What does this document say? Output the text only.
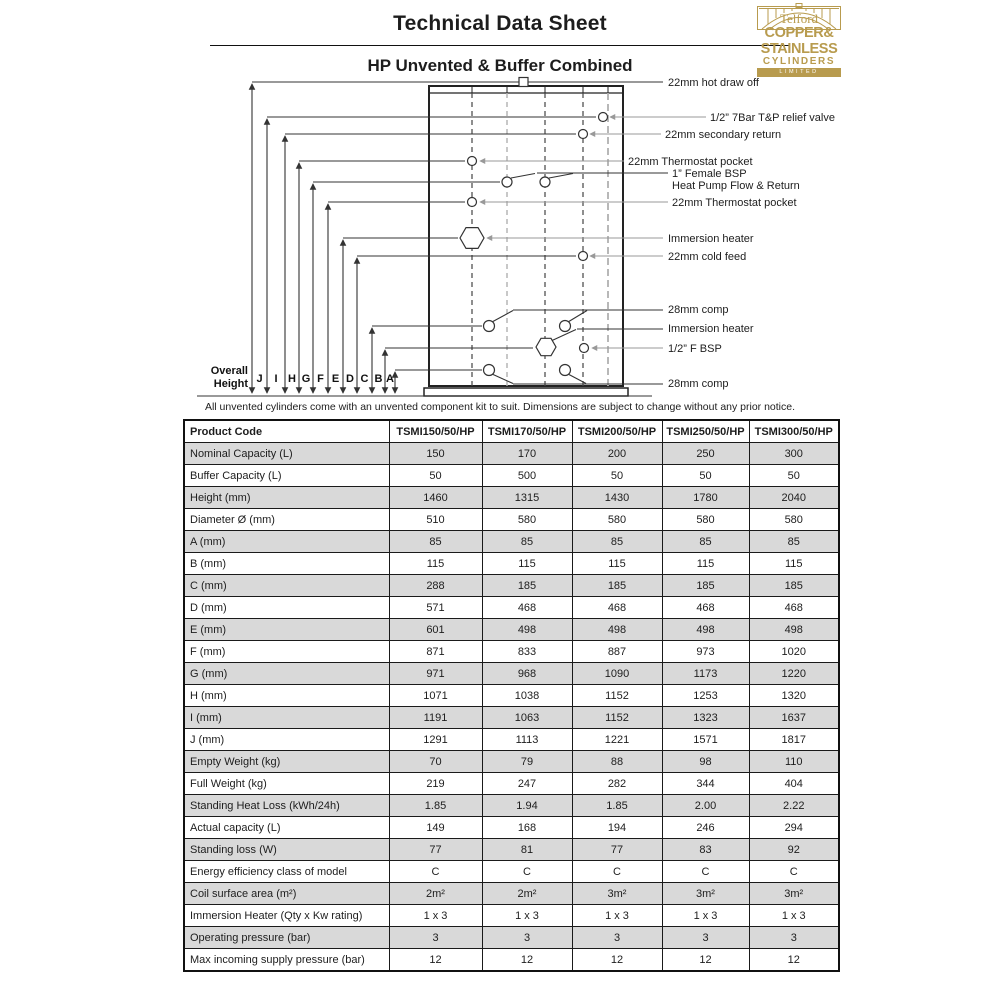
Technical Data Sheet
HP Unvented & Buffer Combined
Telford
COPPER&
STAINLESS
CYLINDERS
LIMITED
22mm hot draw off
1/2” 7Bar T&P relief valve
22mm secondary return
22mm Thermostat pocket
1” Female BSP
Heat Pump Flow & Return
22mm Thermostat pocket
Immersion heater
22mm cold feed
28mm comp
Immersion heater
1/2” F BSP
28mm comp
J I H G F E D C B A
Overall
Height
All unvented cylinders come with an unvented component kit to suit. Dimensions are subject to change without any prior notice.
Product Code	TSMI150/50/HP	TSMI170/50/HP	TSMI200/50/HP	TSMI250/50/HP	TSMI300/50/HP
Nominal Capacity (L)	150	170	200	250	300
Buffer Capacity (L)	50	500	50	50	50
Height (mm)	1460	1315	1430	1780	2040
Diameter Ø (mm)	510	580	580	580	580
A (mm)	85	85	85	85	85
B (mm)	115	115	115	115	115
C (mm)	288	185	185	185	185
D (mm)	571	468	468	468	468
E (mm)	601	498	498	498	498
F (mm)	871	833	887	973	1020
G (mm)	971	968	1090	1173	1220
H (mm)	1071	1038	1152	1253	1320
I (mm)	1191	1063	1152	1323	1637
J (mm)	1291	1113	1221	1571	1817
Empty Weight (kg)	70	79	88	98	110
Full Weight (kg)	219	247	282	344	404
Standing Heat Loss (kWh/24h)	1.85	1.94	1.85	2.00	2.22
Actual capacity (L)	149	168	194	246	294
Standing loss (W)	77	81	77	83	92
Energy efficiency class of model	C	C	C	C	C
Coil surface area (m²)	2m²	2m²	3m²	3m²	3m²
Immersion Heater (Qty x Kw rating)	1 x 3	1 x 3	1 x 3	1 x 3	1 x 3
Operating pressure (bar)	3	3	3	3	3
Max incoming supply pressure (bar)	12	12	12	12	12
